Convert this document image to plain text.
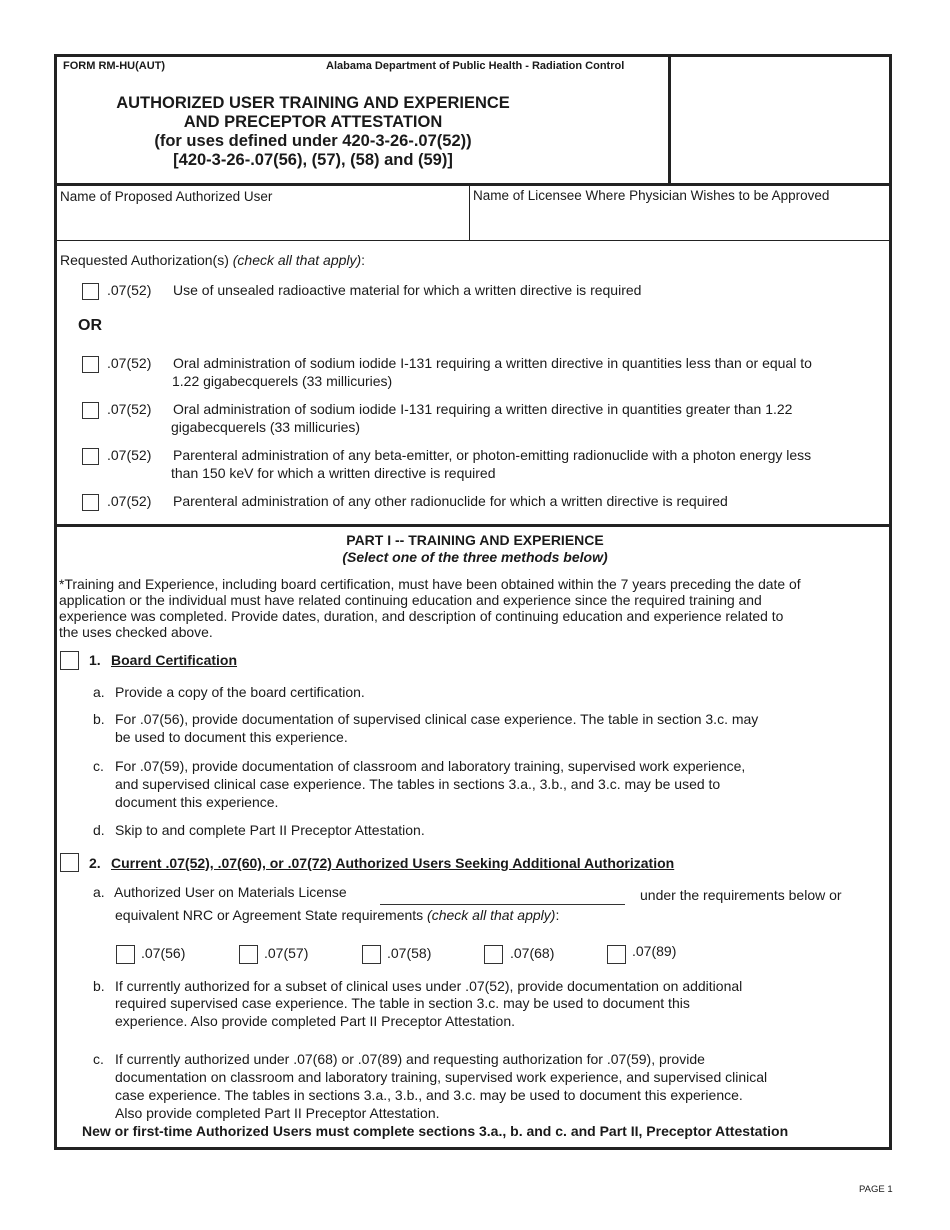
FORM RM-HU(AUT)	Alabama Department of Public Health - Radiation Control
AUTHORIZED USER TRAINING AND EXPERIENCE
AND PRECEPTOR ATTESTATION
(for uses defined under 420-3-26-.07(52))
[420-3-26-.07(56), (57), (58) and (59)]
Name of Proposed Authorized User	Name of Licensee Where Physician Wishes to be Approved
Requested Authorization(s) (check all that apply):
.07(52) Use of unsealed radioactive material for which a written directive is required
OR
.07(52) Oral administration of sodium iodide I-131 requiring a written directive in quantities less than or equal to
1.22 gigabecquerels (33 millicuries)
.07(52) Oral administration of sodium iodide I-131 requiring a written directive in quantities greater than 1.22
gigabecquerels (33 millicuries)
.07(52) Parenteral administration of any beta-emitter, or photon-emitting radionuclide with a photon energy less
than 150 keV for which a written directive is required
.07(52) Parenteral administration of any other radionuclide for which a written directive is required
PART I -- TRAINING AND EXPERIENCE
(Select one of the three methods below)
*Training and Experience, including board certification, must have been obtained within the 7 years preceding the date of
application or the individual must have related continuing education and experience since the required training and
experience was completed. Provide dates, duration, and description of continuing education and experience related to
the uses checked above.
1. Board Certification
a. Provide a copy of the board certification.
b. For .07(56), provide documentation of supervised clinical case experience. The table in section 3.c. may
be used to document this experience.
c. For .07(59), provide documentation of classroom and laboratory training, supervised work experience,
and supervised clinical case experience. The tables in sections 3.a., 3.b., and 3.c. may be used to
document this experience.
d. Skip to and complete Part II Preceptor Attestation.
2. Current .07(52), .07(60), or .07(72) Authorized Users Seeking Additional Authorization
a. Authorized User on Materials License	under the requirements below or
equivalent NRC or Agreement State requirements (check all that apply):
.07(56)	.07(57)	.07(58)	.07(68)	.07(89)
b. If currently authorized for a subset of clinical uses under .07(52), provide documentation on additional
required supervised case experience. The table in section 3.c. may be used to document this
experience. Also provide completed Part II Preceptor Attestation.
c. If currently authorized under .07(68) or .07(89) and requesting authorization for .07(59), provide
documentation on classroom and laboratory training, supervised work experience, and supervised clinical
case experience. The tables in sections 3.a., 3.b., and 3.c. may be used to document this experience.
Also provide completed Part II Preceptor Attestation.
New or first-time Authorized Users must complete sections 3.a., b. and c. and Part II, Preceptor Attestation
PAGE 1
